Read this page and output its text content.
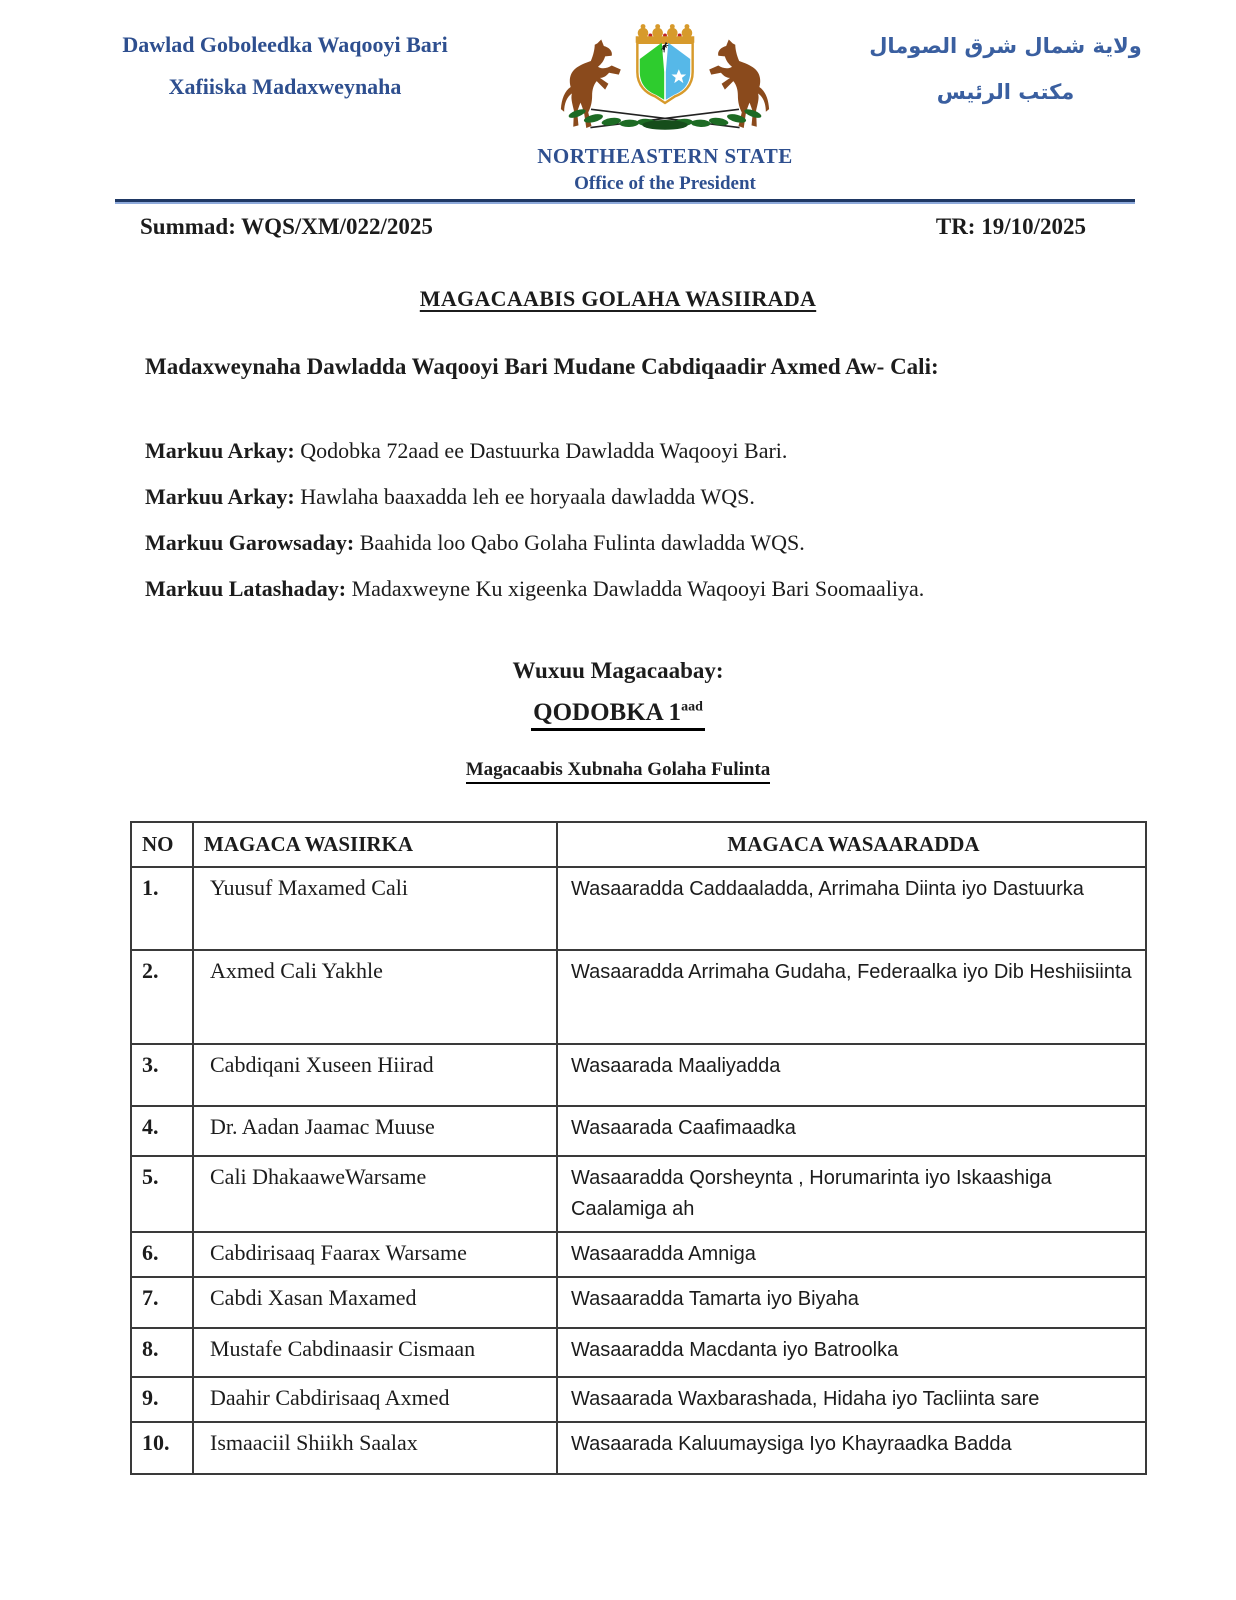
Dawlad Goboleedka Waqooyi Bari
Xafiiska Madaxweynaha
NORTHEASTERN STATE
Office of the President
ولاية شمال شرق الصومال
مكتب الرئيس
Summad: WQS/XM/022/2025	TR: 19/10/2025
MAGACAABIS GOLAHA WASIIRADA

Madaxweynaha Dawladda Waqooyi Bari Mudane Cabdiqaadir Axmed Aw- Cali:

Markuu Arkay: Qodobka 72aad ee Dastuurka Dawladda Waqooyi Bari.

Markuu Arkay: Hawlaha baaxadda leh ee horyaala dawladda WQS.

Markuu Garowsaday: Baahida loo Qabo Golaha Fulinta dawladda WQS.

Markuu Latashaday: Madaxweyne Ku xigeenka Dawladda Waqooyi Bari Soomaaliya.

Wuxuu Magacaabay:
QODOBKA $1^{aad}$
Magacaabis Xubnaha Golaha Fulinta
NO	MAGACA WASIIRKA	MAGACA WASAARADDA
1.	Yuusuf Maxamed Cali	Wasaaradda Caddaaladda, Arrimaha Diinta iyo Dastuurka
2.	Axmed Cali Yakhle	Wasaaradda Arrimaha Gudaha, Federaalka iyo Dib Heshiisiinta
3.	Cabdiqani Xuseen Hiirad	Wasaarada Maaliyadda
4.	Dr. Aadan Jaamac Muuse	Wasaarada Caafimaadka
5.	Cali DhakaaweWarsame	Wasaaradda Qorsheynta , Horumarinta iyo Iskaashiga Caalamiga ah
6.	Cabdirisaaq Faarax Warsame	Wasaaradda Amniga
7.	Cabdi Xasan Maxamed	Wasaaradda Tamarta iyo Biyaha
8.	Mustafe Cabdinaasir Cismaan	Wasaaradda Macdanta iyo Batroolka
9.	Daahir Cabdirisaaq Axmed	Wasaarada Waxbarashada, Hidaha iyo Tacliinta sare
10.	Ismaaciil Shiikh Saalax	Wasaarada Kaluumaysiga Iyo Khayraadka Badda
